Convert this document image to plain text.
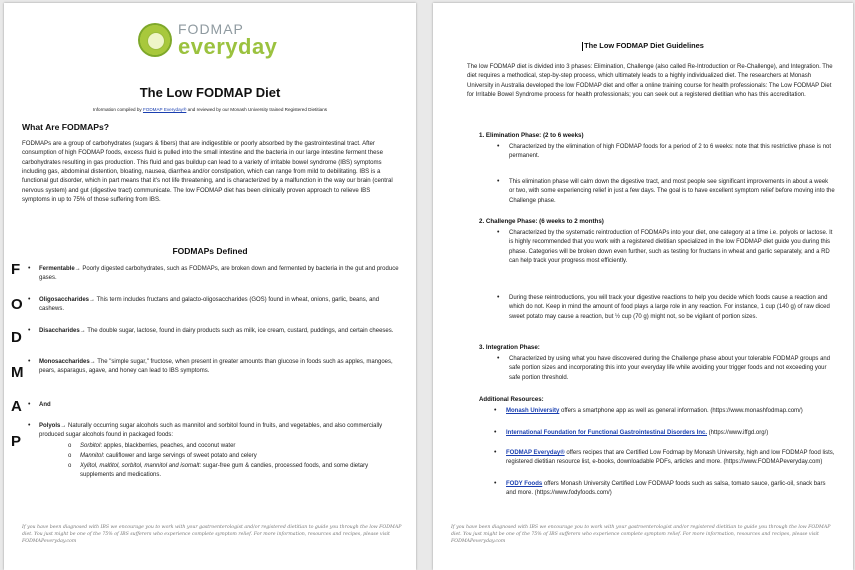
FODMAP
everyday
The Low FODMAP Diet
Information compiled by FODMAP Everyday® and reviewed by our Monash University trained Registered Dietitians
What Are FODMAPs?
FODMAPs are a group of carbohydrates (sugars & fibers) that are indigestible or poorly absorbed by the gastrointestinal tract. After consumption of high FODMAP foods, excess fluid is pulled into the small intestine and the bacteria in our large intestine ferment these carbohydrates resulting in gas production. This fluid and gas buildup can lead to a variety of irritable bowel syndrome (IBS) symptoms including gas, abdominal distention, bloating, nausea, diarrhea and/or constipation, which can range from mild to debilitating. IBS is a functional gut disorder, which in part means that it's not life threatening, and is characterized by a malfunction in the way our brain (central nervous system) and gut (digestive tract) communicate. The low FODMAP diet has been clinically proven approach to relieve IBS symptoms in up to 75% of those suffering from IBS.
FODMAPs Defined
F
O
D
M
A
P
• Fermentable→ Poorly digested carbohydrates, such as FODMAPs, are broken down and fermented by bacteria in the gut and produce gases.
• Oligosaccharides→ This term includes fructans and galacto-oligosaccharides (GOS) found in wheat, onions, garlic, beans, and cashews.
• Disaccharides→ The double sugar, lactose, found in dairy products such as milk, ice cream, custard, puddings, and certain cheeses.
• Monosaccharides→ The "simple sugar," fructose, when present in greater amounts than glucose in foods such as apples, mangoes, pears, asparagus, agave, and honey can lead to IBS symptoms.
• And
• Polyols→ Naturally occurring sugar alcohols such as mannitol and sorbitol found in fruits, and vegetables, and also commercially produced sugar alcohols found in packaged foods:
o Sorbitol: apples, blackberries, peaches, and coconut water
o Mannitol: cauliflower and large servings of sweet potato and celery
o Xylitol, maltitol, sorbitol, mannitol and isomalt: sugar-free gum & candies, processed foods, and some dietary supplements and medications.
If you have been diagnosed with IBS we encourage you to work with your gastroenterologist and/or registered dietitian to guide you through the low FODMAP diet. You just might be one of the 75% of IBS sufferers who experience complete symptom relief. For more information, resources and recipes, please visit FODMAPeveryday.com
The Low FODMAP Diet Guidelines
The low FODMAP diet is divided into 3 phases: Elimination, Challenge (also called Re-Introduction or Re-Challenge), and Integration. The diet requires a methodical, step-by-step process, which ultimately leads to a highly individualized diet. The researchers at Monash University in Australia developed the low FODMAP diet and offer a online training course for health professionals: The Low FODMAP Diet for Irritable Bowel Syndrome process for health professionals; you can seek out a registered dietitian who has this accreditation.
1. Elimination Phase: (2 to 6 weeks)
• Characterized by the elimination of high FODMAP foods for a period of 2 to 6 weeks: note that this restrictive phase is not permanent.
• This elimination phase will calm down the digestive tract, and most people see significant improvements in about a week or two, with some experiencing relief in just a few days. The goal is to have excellent symptom relief before moving into the Challenge phase.
2. Challenge Phase: (6 weeks to 2 months)
• Characterized by the systematic reintroduction of FODMAPs into your diet, one category at a time i.e. polyols or lactose. It is highly recommended that you work with a registered dietitian specialized in the low FODMAP diet guide you during this phase. Categories will be broken down even further, such as testing for fructans in wheat and garlic separately, and a RD can help track your progress most efficiently.
• During these reintroductions, you will track your digestive reactions to help you decide which foods cause a reaction and which do not. Keep in mind the amount of food plays a large role in any reaction. For instance, 1 cup (140 g) of raw diced sweet potato may cause a reaction, but ½ cup (70 g) might not, so be vigilant of portion sizes.
3. Integration Phase:
• Characterized by using what you have discovered during the Challenge phase about your tolerable FODMAP groups and safe portion sizes and incorporating this into your everyday life while avoiding your trigger foods and not exceeding your safe portion threshold.
Additional Resources:
• Monash University offers a smartphone app as well as general information. (https://www.monashfodmap.com/)
• International Foundation for Functional Gastrointestinal Disorders Inc. (https://www.iffgd.org/)
• FODMAP Everyday® offers recipes that are Certified Low Fodmap by Monash University, high and low FODMAP food lists, registered dietitian resource list, e-books, downloadable PDFs, articles and more. (https://www.FODMAPeveryday.com)
• FODY Foods offers Monash University Certified Low FODMAP foods such as salsa, tomato sauce, garlic-oil, snack bars and more. (https://www.fodyfoods.com/)
If you have been diagnosed with IBS we encourage you to work with your gastroenterologist and/or registered dietitian to guide you through the low FODMAP diet. You just might be one of the 75% of IBS sufferers who experience complete symptom relief. For more information, resources and recipes, please visit FODMAPeveryday.com
